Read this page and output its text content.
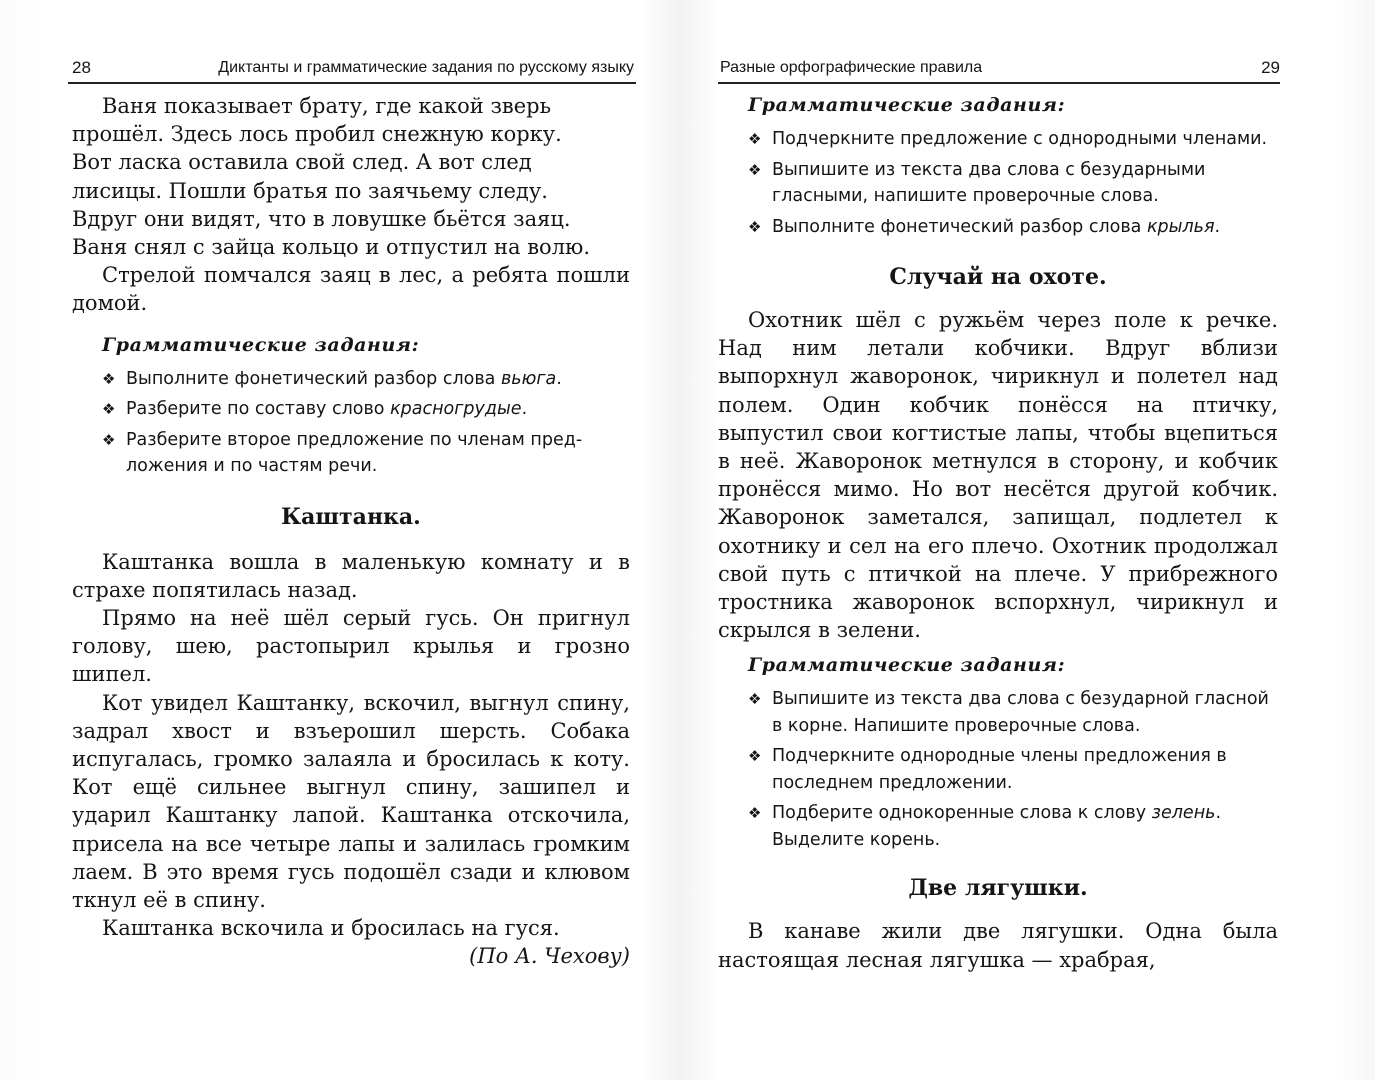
28	Диктанты и грамматические задания по русскому языку

Ваня показывает брату, где какой зверь
прошёл. Здесь лось пробил снежную корку.
Вот ласка оставила свой след. А вот след
лисицы. Пошли братья по заячьему следу.
Вдруг они видят, что в ловушке бьётся заяц.
Ваня снял с зайца кольцо и отпустил на волю.

Стрелой помчался заяц в лес, а ребята пошли домой.

Грамматические задания:

❖ Выполните фонетический разбор слова вьюга.
❖ Разберите по составу слово красногрудые.
❖ Разберите второе предложение по членам предложения и по частям речи.

Каштанка.

Каштанка вошла в маленькую комнату и в страхе попятилась назад.

Прямо на неё шёл серый гусь. Он пригнул голову, шею, растопырил крылья и грозно шипел.

Кот увидел Каштанку, вскочил, выгнул спину, задрал хвост и взъерошил шерсть. Собака испугалась, громко залаяла и бросилась к коту. Кот ещё сильнее выгнул спину, зашипел и ударил Каштанку лапой. Каштанка отскочила, присела на все четыре лапы и залилась громким лаем. В это время гусь подошёл сзади и клювом ткнул её в спину.

Каштанка вскочила и бросилась на гуся.

(По А. Чехову)

Разные орфографические правила	29

Грамматические задания:

❖ Подчеркните предложение с однородными членами.
❖ Выпишите из текста два слова с безударными гласными, напишите проверочные слова.
❖ Выполните фонетический разбор слова крылья.

Случай на охоте.

Охотник шёл с ружьём через поле к речке. Над ним летали кобчики. Вдруг вблизи выпорхнул жаворонок, чирикнул и полетел над полем. Один кобчик понёсся на птичку, выпустил свои когтистые лапы, чтобы вцепиться в неё. Жаворонок метнулся в сторону, и кобчик пронёсся мимо. Но вот несётся другой кобчик. Жаворонок заметался, запищал, подлетел к охотнику и сел на его плечо. Охотник продолжал свой путь с птичкой на плече. У прибрежного тростника жаворонок вспорхнул, чирикнул и скрылся в зелени.

Грамматические задания:

❖ Выпишите из текста два слова с безударной гласной в корне. Напишите проверочные слова.
❖ Подчеркните однородные члены предложения в последнем предложении.
❖ Подберите однокоренные слова к слову зелень. Выделите корень.

Две лягушки.

В канаве жили две лягушки. Одна была настоящая лесная лягушка — храбрая,
